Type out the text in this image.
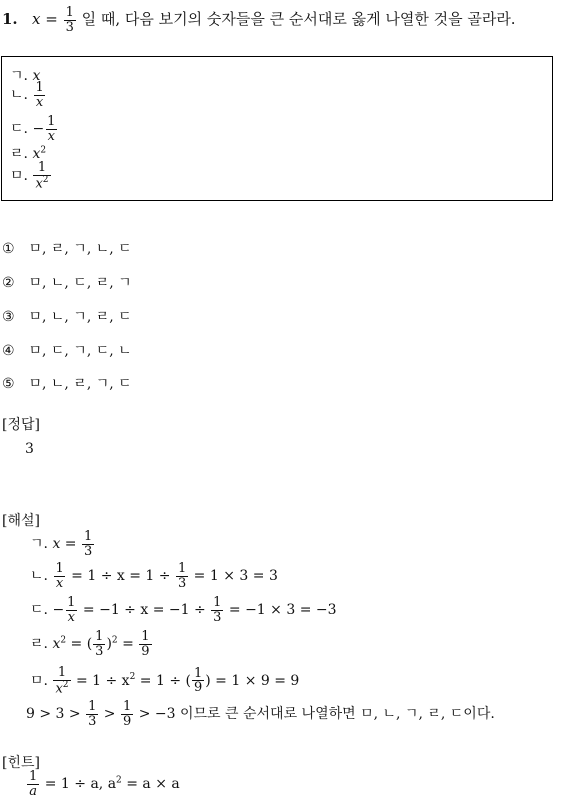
1. $x = \frac{1}{3}$ 일 때, 다음 보기의 숫자들을 큰 순서대로 옳게 나열한 것을 골라라.
ㄱ. x
ㄴ. $\frac{1}{x}$
ㄷ. − $\frac{1}{x}$
ㄹ. $x^2$
ㅁ. $\frac{1}{x^2}$
① ㅁ, ㄹ, ㄱ, ㄴ, ㄷ
② ㅁ, ㄴ, ㄷ, ㄹ, ㄱ
③ ㅁ, ㄴ, ㄱ, ㄹ, ㄷ
④ ㅁ, ㄷ, ㄱ, ㄷ, ㄴ
⑤ ㅁ, ㄴ, ㄹ, ㄱ, ㄷ
[정답]
3
[해설]
ㄱ. $x = \frac{1}{3}$
ㄴ. $\frac{1}{x} = 1 \div x = 1 \div \frac{1}{3} = 1 \times 3 = 3$
ㄷ. − $\frac{1}{x} = -1 \div x = -1 \div \frac{1}{3} = -1 \times 3 = -3$
ㄹ. $x^2$ = ( $\frac{1}{3} )^2 = \frac{1}{9}$
ㅁ. $\frac{1}{x^2} = 1 \div x^2 = 1$ ÷ ( $\frac{1}{9}$ ) = 1 × 9 = 9
$9 > 3 > \frac{1}{3} > \frac{1}{9} > -3$ 이므로 큰 순서대로 나열하면 ㅁ, ㄴ, ㄱ, ㄹ, ㄷ이다.
[힌트]
$\frac{1}{a} = 1 \div a$, $a^2 = a \times a$
